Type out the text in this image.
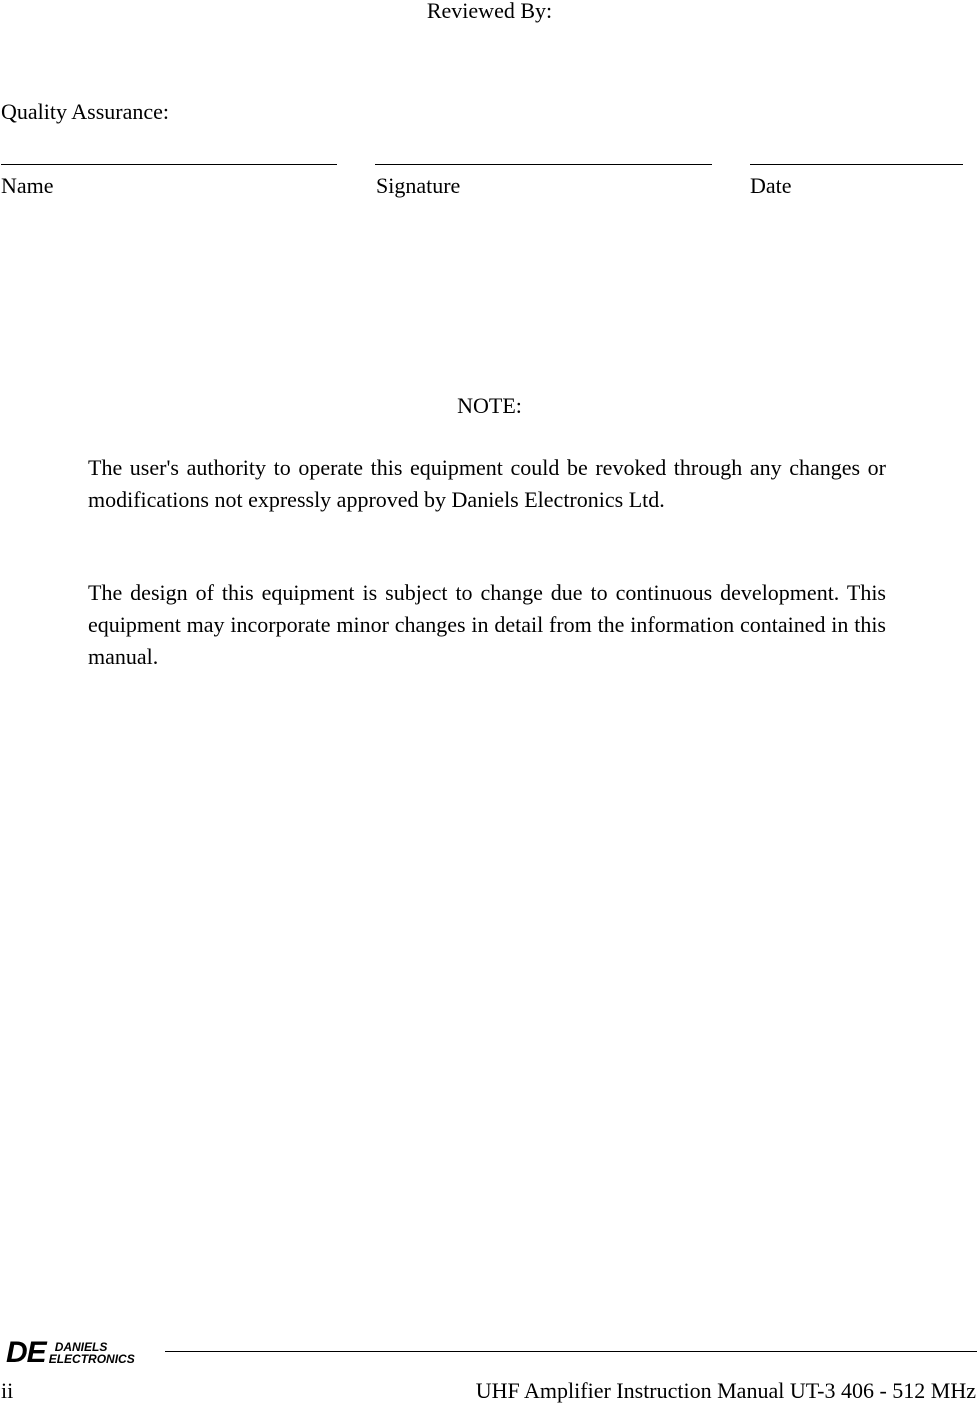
Reviewed By:
Quality Assurance:
Name	Signature	Date
NOTE:
The user's authority to operate this equipment could be revoked through any changes or modifications not expressly approved by Daniels Electronics Ltd.
The design of this equipment is subject to change due to continuous development. This equipment may incorporate minor changes in detail from the information contained in this manual.
DE DANIELS
ELECTRONICS
ii	UHF Amplifier Instruction Manual UT-3 406 - 512 MHz
